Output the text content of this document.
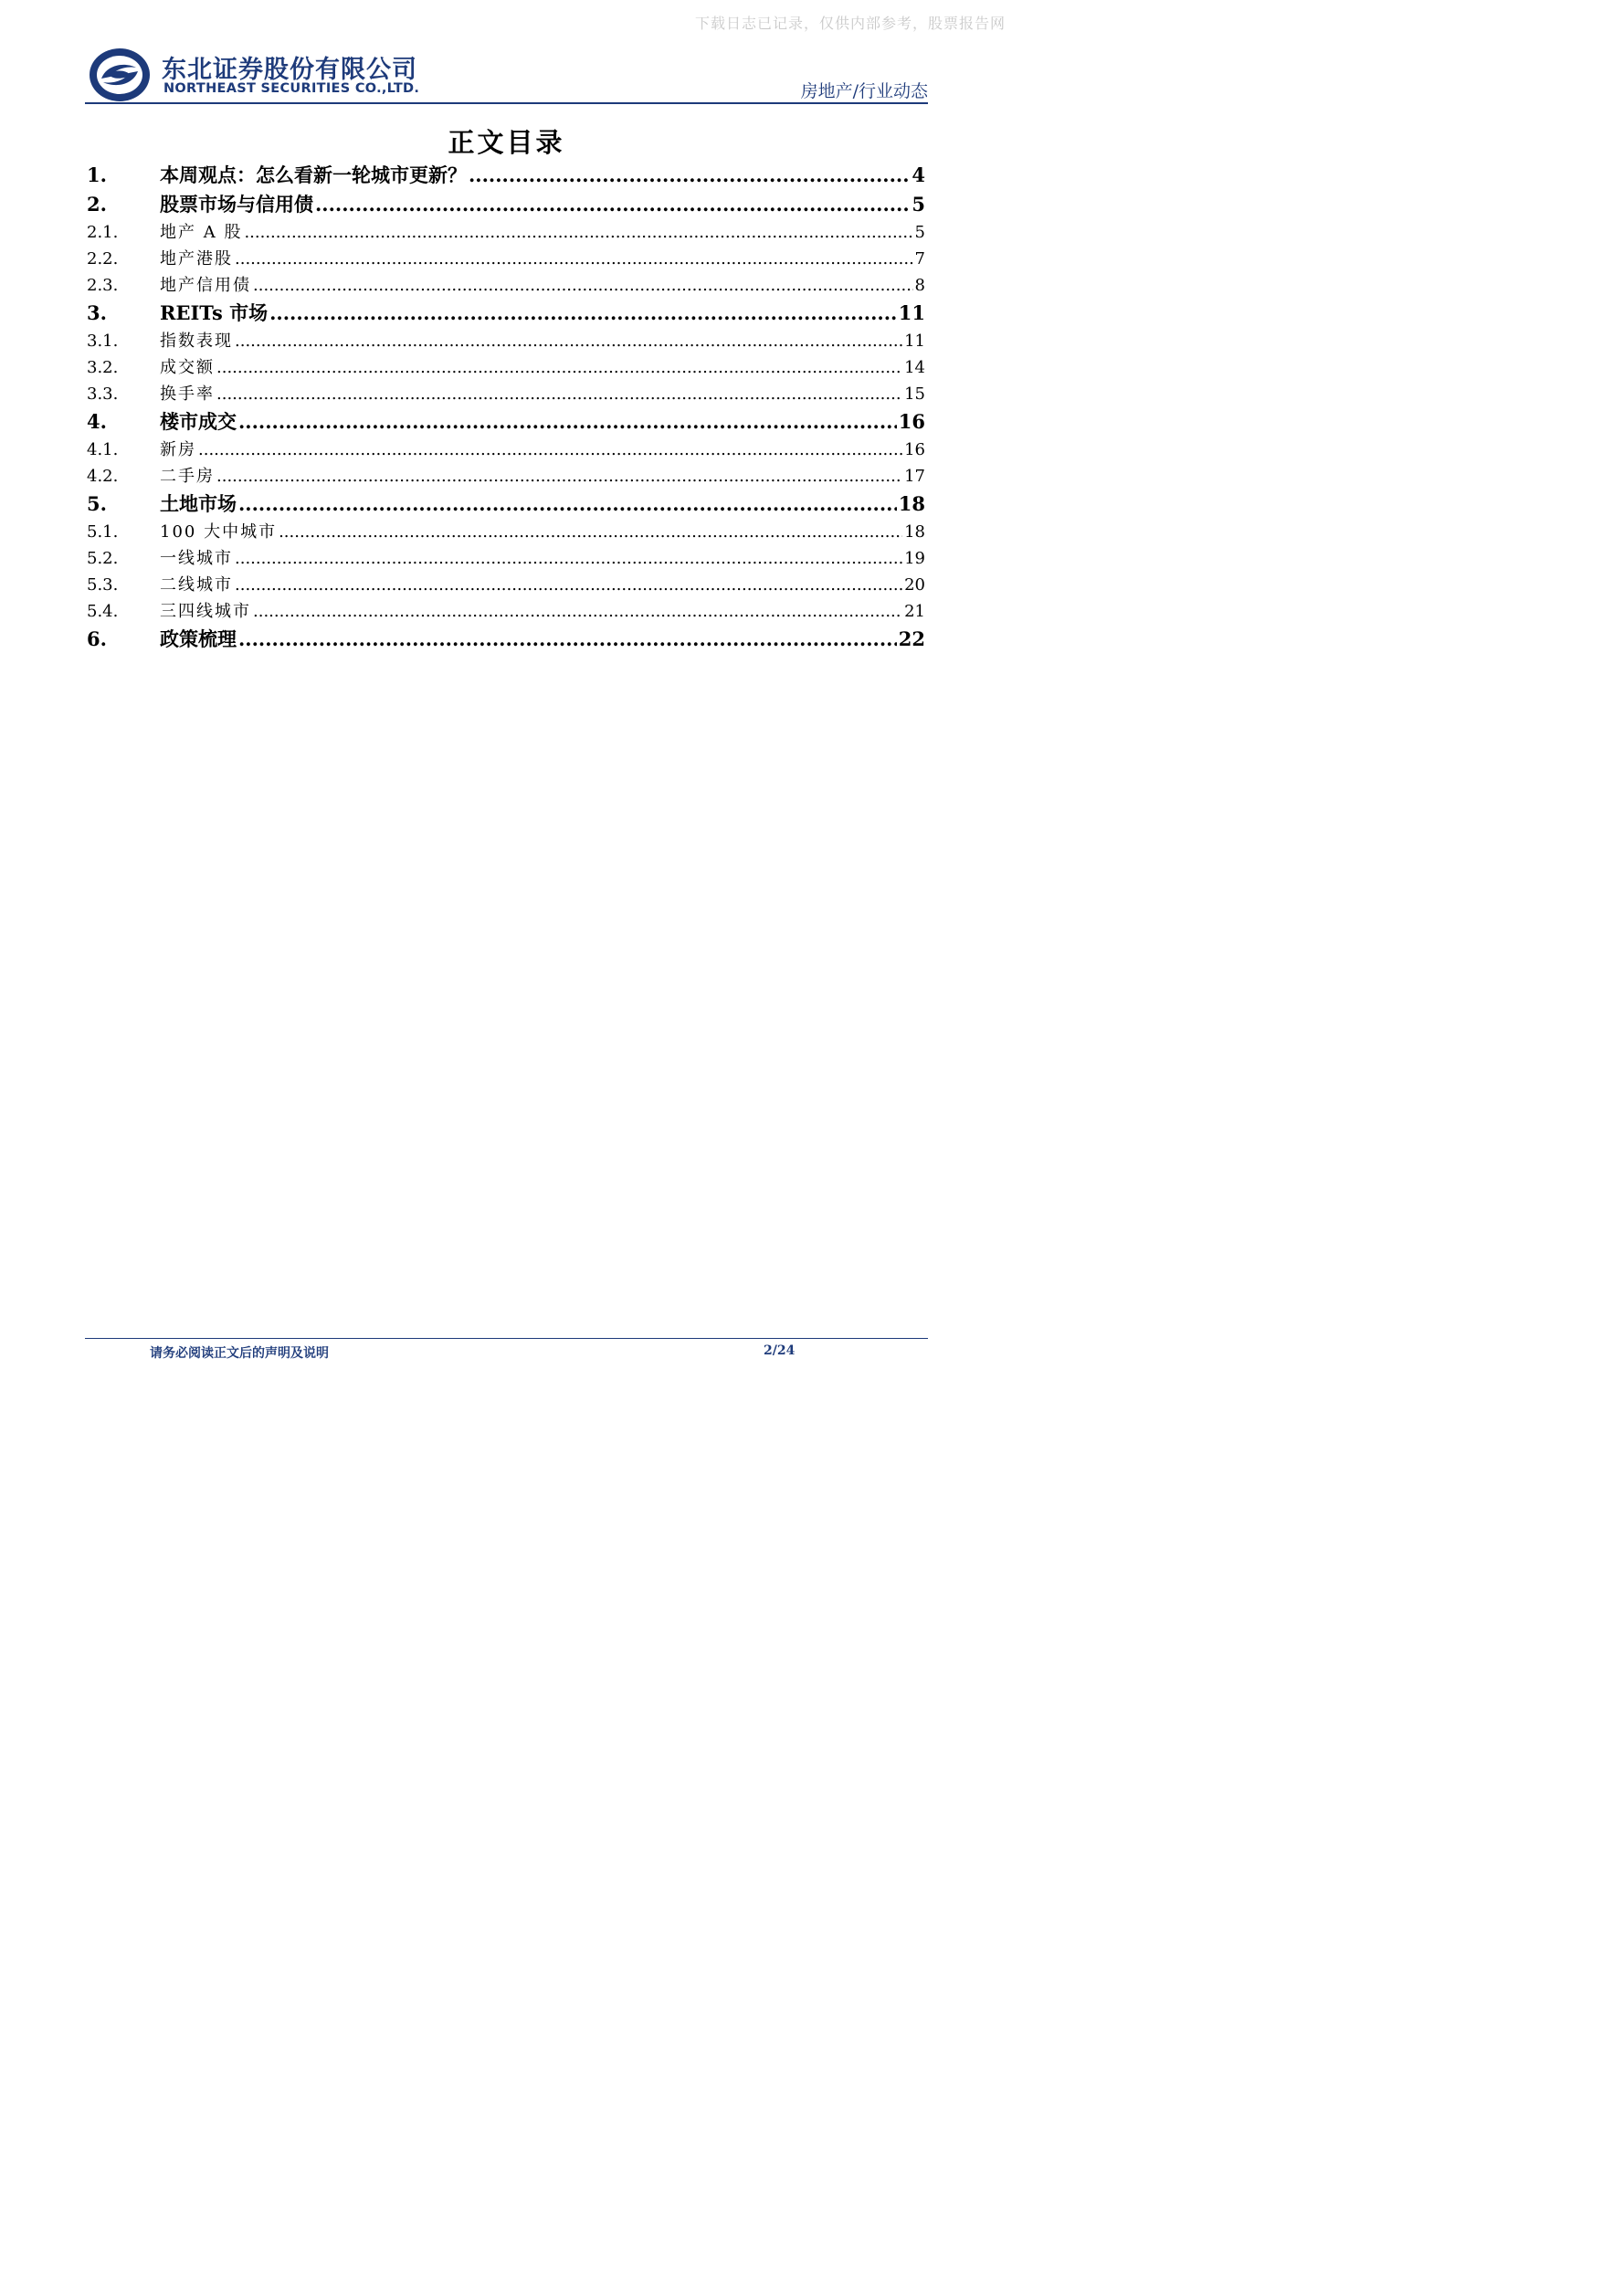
下载日志已记录，仅供内部参考，股票报告网
东北证券股份有限公司
NORTHEAST SECURITIES CO.,LTD.	房地产/行业动态
正文目录
1.	本周观点：怎么看新一轮城市更新？ .....	4
2.	股票市场与信用债 .....	5
2.1.	地产 A 股 .....	5
2.2.	地产港股 .....	7
2.3.	地产信用债 .....	8
3.	REITs 市场 .....	11
3.1.	指数表现 .....	11
3.2.	成交额 .....	14
3.3.	换手率 .....	15
4.	楼市成交 .....	16
4.1.	新房 .....	16
4.2.	二手房 .....	17
5.	土地市场 .....	18
5.1.	100 大中城市 .....	18
5.2.	一线城市 .....	19
5.3.	二线城市 .....	20
5.4.	三四线城市 .....	21
6.	政策梳理 .....	22
请务必阅读正文后的声明及说明	2/24
